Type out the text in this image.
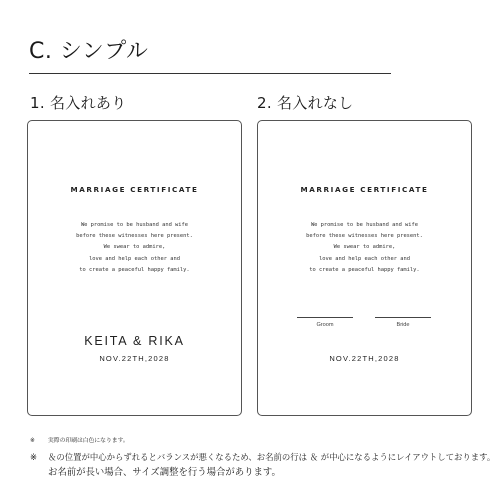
C. シンプル
1. 名入れあり	2. 名入れなし
MARRIAGE CERTIFICATE
We promise to be husband and wife
before these witnesses here present.
We swear to admire,
love and help each other and
to create a peaceful happy family.
KEITA & RIKA
NOV.22TH,2028
MARRIAGE CERTIFICATE
We promise to be husband and wife
before these witnesses here present.
We swear to admire,
love and help each other and
to create a peaceful happy family.
Groom	Bride
NOV.22TH,2028
※ 実際の印刷は白色になります。
※ ＆の位置が中心からずれるとバランスが悪くなるため、お名前の行は ＆ が中心になるようにレイアウトしております。
お名前が長い場合、サイズ調整を行う場合があります。
